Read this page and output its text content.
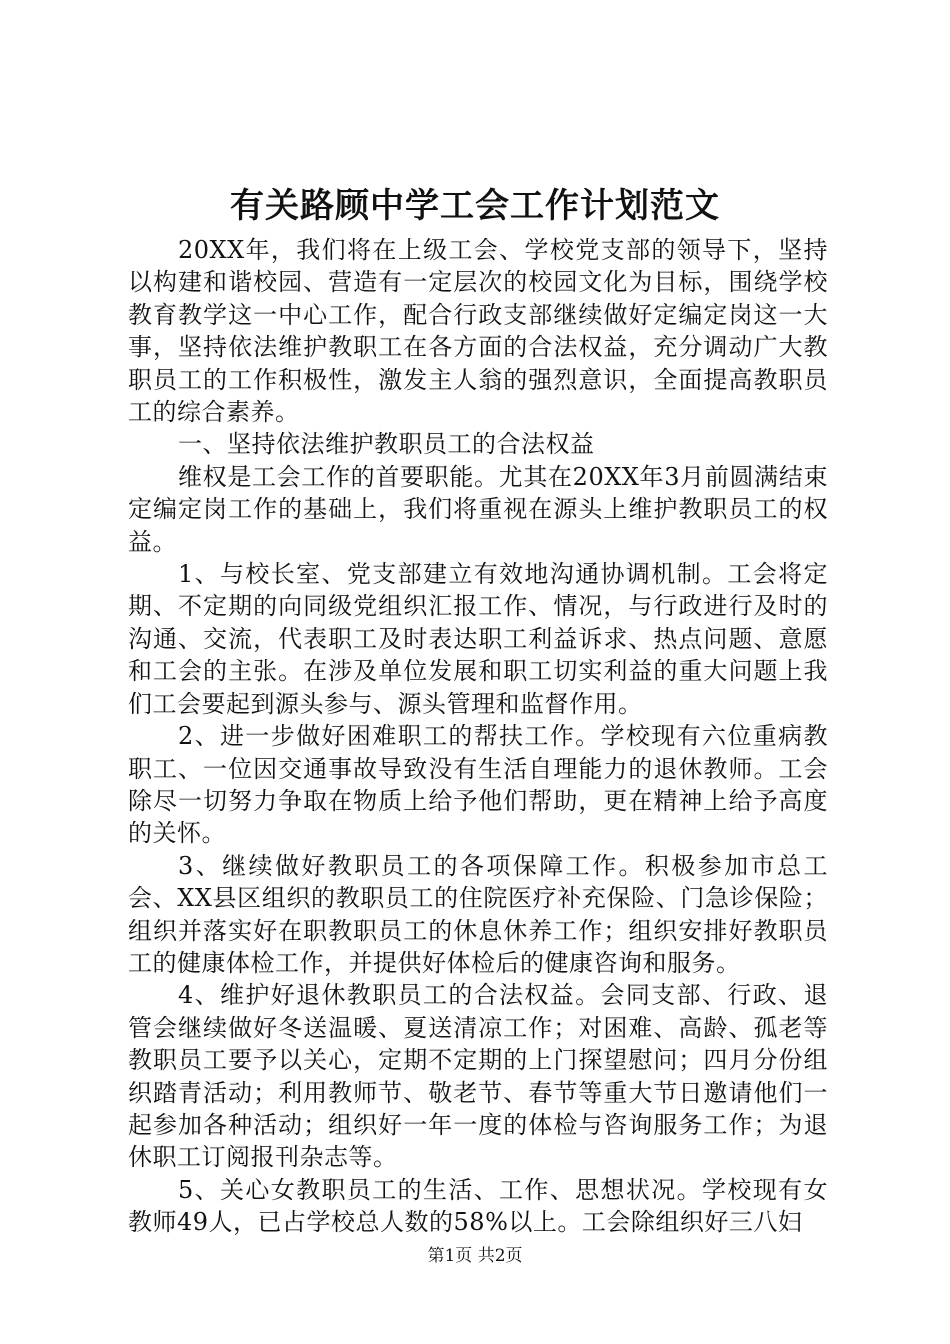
有关路顾中学工会工作计划范文

20XX年，我们将在上级工会、学校党支部的领导下，坚持以构建和谐校园、营造有一定层次的校园文化为目标，围绕学校教育教学这一中心工作，配合行政支部继续做好定编定岗这一大事，坚持依法维护教职工在各方面的合法权益，充分调动广大教职员工的工作积极性，激发主人翁的强烈意识，全面提高教职员工的综合素养。

一、坚持依法维护教职员工的合法权益

维权是工会工作的首要职能。尤其在20XX年3月前圆满结束定编定岗工作的基础上，我们将重视在源头上维护教职员工的权益。

1、与校长室、党支部建立有效地沟通协调机制。工会将定期、不定期的向同级党组织汇报工作、情况，与行政进行及时的沟通、交流，代表职工及时表达职工利益诉求、热点问题、意愿和工会的主张。在涉及单位发展和职工切实利益的重大问题上我们工会要起到源头参与、源头管理和监督作用。

2、进一步做好困难职工的帮扶工作。学校现有六位重病教职工、一位因交通事故导致没有生活自理能力的退休教师。工会除尽一切努力争取在物质上给予他们帮助，更在精神上给予高度的关怀。

3、继续做好教职员工的各项保障工作。积极参加市总工会、XX县区组织的教职员工的住院医疗补充保险、门急诊保险；组织并落实好在职教职员工的休息休养工作；组织安排好教职员工的健康体检工作，并提供好体检后的健康咨询和服务。

4、维护好退休教职员工的合法权益。会同支部、行政、退管会继续做好冬送温暖、夏送清凉工作；对困难、高龄、孤老等教职员工要予以关心，定期不定期的上门探望慰问；四月分份组织踏青活动；利用教师节、敬老节、春节等重大节日邀请他们一起参加各种活动；组织好一年一度的体检与咨询服务工作；为退休职工订阅报刊杂志等。

5、关心女教职员工的生活、工作、思想状况。学校现有女教师49人，已占学校总人数的58%以上。工会除组织好三八妇

第1页 共2页
